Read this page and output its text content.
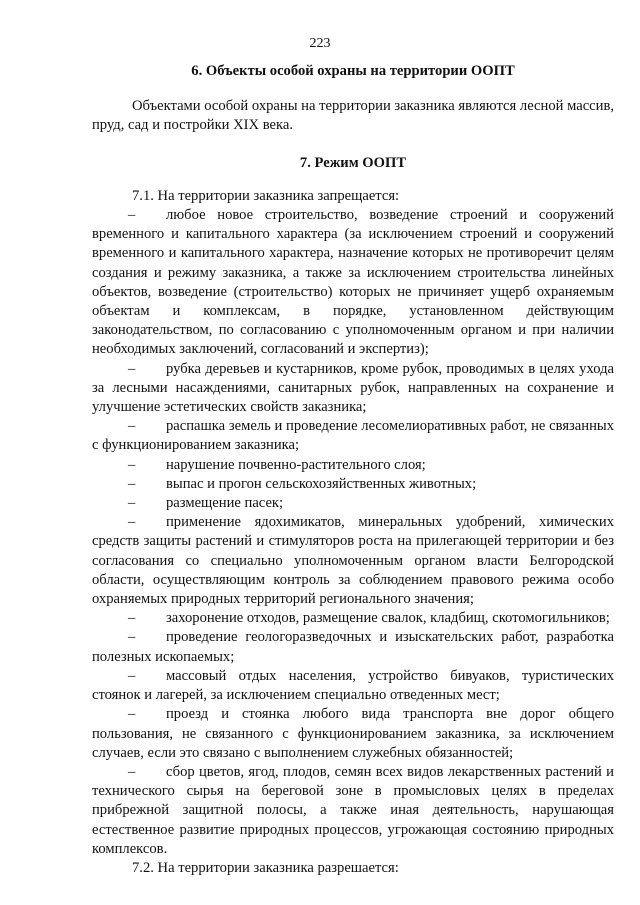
223
6. Объекты особой охраны на территории ООПТ

Объектами особой охраны на территории заказника являются лесной массив, пруд, сад и постройки XIX века.

7. Режим ООПТ

7.1. На территории заказника запрещается:

– любое новое строительство, возведение строений и сооружений временного и капитального характера (за исключением строений и сооружений временного и капитального характера, назначение которых не противоречит целям создания и режиму заказника, а также за исключением строительства линейных объектов, возведение (строительство) которых не причиняет ущерб охраняемым объектам и комплексам, в порядке, установленном действующим законодательством, по согласованию с уполномоченным органом и при наличии необходимых заключений, согласований и экспертиз);
– рубка деревьев и кустарников, кроме рубок, проводимых в целях ухода за лесными насаждениями, санитарных рубок, направленных на сохранение и улучшение эстетических свойств заказника;
– распашка земель и проведение лесомелиоративных работ, не связанных с функционированием заказника;
– нарушение почвенно-растительного слоя;
– выпас и прогон сельскохозяйственных животных;
– размещение пасек;
– применение ядохимикатов, минеральных удобрений, химических средств защиты растений и стимуляторов роста на прилегающей территории и без согласования со специально уполномоченным органом власти Белгородской области, осуществляющим контроль за соблюдением правового режима особо охраняемых природных территорий регионального значения;
– захоронение отходов, размещение свалок, кладбищ, скотомогильников;
– проведение геологоразведочных и изыскательских работ, разработка полезных ископаемых;
– массовый отдых населения, устройство бивуаков, туристических стоянок и лагерей, за исключением специально отведенных мест;
– проезд и стоянка любого вида транспорта вне дорог общего пользования, не связанного с функционированием заказника, за исключением случаев, если это связано с выполнением служебных обязанностей;
– сбор цветов, ягод, плодов, семян всех видов лекарственных растений и технического сырья на береговой зоне в промысловых целях в пределах прибрежной защитной полосы, а также иная деятельность, нарушающая естественное развитие природных процессов, угрожающая состоянию природных комплексов.

7.2. На территории заказника разрешается:
